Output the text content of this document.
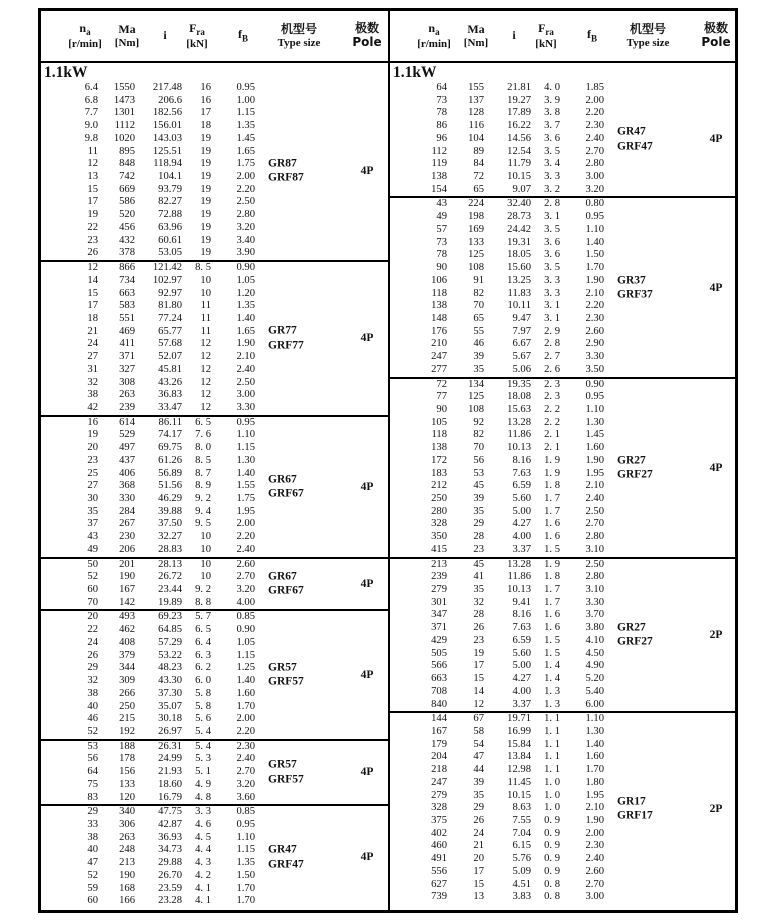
$n_a$
[r/min]
Ma
[Nm]
i
$F_{ra}$
[kN]
$f_B$
机型号
Type size
极数
Pole
1.1kW
6.4	1550	217.48	16	0.95
6.8	1473	206.6	16	1.00
7.7	1301	182.56	17	1.15
9.0	1112	156.01	18	1.35
9.8	1020	143.03	19	1.45
11	895	125.51	19	1.65
12	848	118.94	19	1.75
13	742	104.1	19	2.00
15	669	93.79	19	2.20
17	586	82.27	19	2.50
19	520	72.88	19	2.80
22	456	63.96	19	3.20
23	432	60.61	19	3.40
26	378	53.05	19	3.90
GR87
GRF87
4P
12	866	121.42	8. 5	0.90
14	734	102.97	10	1.05
15	663	92.97	10	1.20
17	583	81.80	11	1.35
18	551	77.24	11	1.40
21	469	65.77	11	1.65
24	411	57.68	12	1.90
27	371	52.07	12	2.10
31	327	45.81	12	2.40
32	308	43.26	12	2.50
38	263	36.83	12	3.00
42	239	33.47	12	3.30
GR77
GRF77
4P
16	614	86.11	6. 5	0.95
19	529	74.17	7. 6	1.10
20	497	69.75	8. 0	1.15
23	437	61.26	8. 5	1.30
25	406	56.89	8. 7	1.40
27	368	51.56	8. 9	1.55
30	330	46.29	9. 2	1.75
35	284	39.88	9. 4	1.95
37	267	37.50	9. 5	2.00
43	230	32.27	10	2.20
49	206	28.83	10	2.40
GR67
GRF67
4P
50	201	28.13	10	2.60
52	190	26.72	10	2.70
60	167	23.44	9. 2	3.20
70	142	19.89	8. 8	4.00
GR67
GRF67
4P
20	493	69.23	5. 7	0.85
22	462	64.85	6. 5	0.90
24	408	57.29	6. 4	1.05
26	379	53.22	6. 3	1.15
29	344	48.23	6. 2	1.25
32	309	43.30	6. 0	1.40
38	266	37.30	5. 8	1.60
40	250	35.07	5. 8	1.70
46	215	30.18	5. 6	2.00
52	192	26.97	5. 4	2.20
GR57
GRF57
4P
53	188	26.31	5. 4	2.30
56	178	24.99	5. 3	2.40
64	156	21.93	5. 1	2.70
75	133	18.60	4. 9	3.20
83	120	16.79	4. 8	3.60
GR57
GRF57
4P
29	340	47.75	3. 3	0.85
33	306	42.87	4. 6	0.95
38	263	36.93	4. 5	1.10
40	248	34.73	4. 4	1.15
47	213	29.88	4. 3	1.35
52	190	26.70	4. 2	1.50
59	168	23.59	4. 1	1.70
60	166	23.28	4. 1	1.70
GR47
GRF47
4P
$n_a$
[r/min]
Ma
[Nm]
i
$F_{ra}$
[kN]
$f_B$
机型号
Type size
极数
Pole
1.1kW
64	155	21.81	4. 0	1.85
73	137	19.27	3. 9	2.00
78	128	17.89	3. 8	2.20
86	116	16.22	3. 7	2.30
96	104	14.56	3. 6	2.40
112	89	12.54	3. 5	2.70
119	84	11.79	3. 4	2.80
138	72	10.15	3. 3	3.00
154	65	9.07	3. 2	3.20
GR47
GRF47
4P
43	224	32.40	2. 8	0.80
49	198	28.73	3. 1	0.95
57	169	24.42	3. 5	1.10
73	133	19.31	3. 6	1.40
78	125	18.05	3. 6	1.50
90	108	15.60	3. 5	1.70
106	91	13.25	3. 3	1.90
118	82	11.83	3. 3	2.10
138	70	10.11	3. 1	2.20
148	65	9.47	3. 1	2.30
176	55	7.97	2. 9	2.60
210	46	6.67	2. 8	2.90
247	39	5.67	2. 7	3.30
277	35	5.06	2. 6	3.50
GR37
GRF37
4P
72	134	19.35	2. 3	0.90
77	125	18.08	2. 3	0.95
90	108	15.63	2. 2	1.10
105	92	13.28	2. 2	1.30
118	82	11.86	2. 1	1.45
138	70	10.13	2. 1	1.60
172	56	8.16	1. 9	1.90
183	53	7.63	1. 9	1.95
212	45	6.59	1. 8	2.10
250	39	5.60	1. 7	2.40
280	35	5.00	1. 7	2.50
328	29	4.27	1. 6	2.70
350	28	4.00	1. 6	2.80
415	23	3.37	1. 5	3.10
GR27
GRF27
4P
213	45	13.28	1. 9	2.50
239	41	11.86	1. 8	2.80
279	35	10.13	1. 7	3.10
301	32	9.41	1. 7	3.30
347	28	8.16	1. 6	3.70
371	26	7.63	1. 6	3.80
429	23	6.59	1. 5	4.10
505	19	5.60	1. 5	4.50
566	17	5.00	1. 4	4.90
663	15	4.27	1. 4	5.20
708	14	4.00	1. 3	5.40
840	12	3.37	1. 3	6.00
GR27
GRF27
2P
144	67	19.71	1. 1	1.10
167	58	16.99	1. 1	1.30
179	54	15.84	1. 1	1.40
204	47	13.84	1. 1	1.60
218	44	12.98	1. 1	1.70
247	39	11.45	1. 0	1.80
279	35	10.15	1. 0	1.95
328	29	8.63	1. 0	2.10
375	26	7.55	0. 9	1.90
402	24	7.04	0. 9	2.00
460	21	6.15	0. 9	2.30
491	20	5.76	0. 9	2.40
556	17	5.09	0. 9	2.60
627	15	4.51	0. 8	2.70
739	13	3.83	0. 8	3.00
GR17
GRF17
2P
